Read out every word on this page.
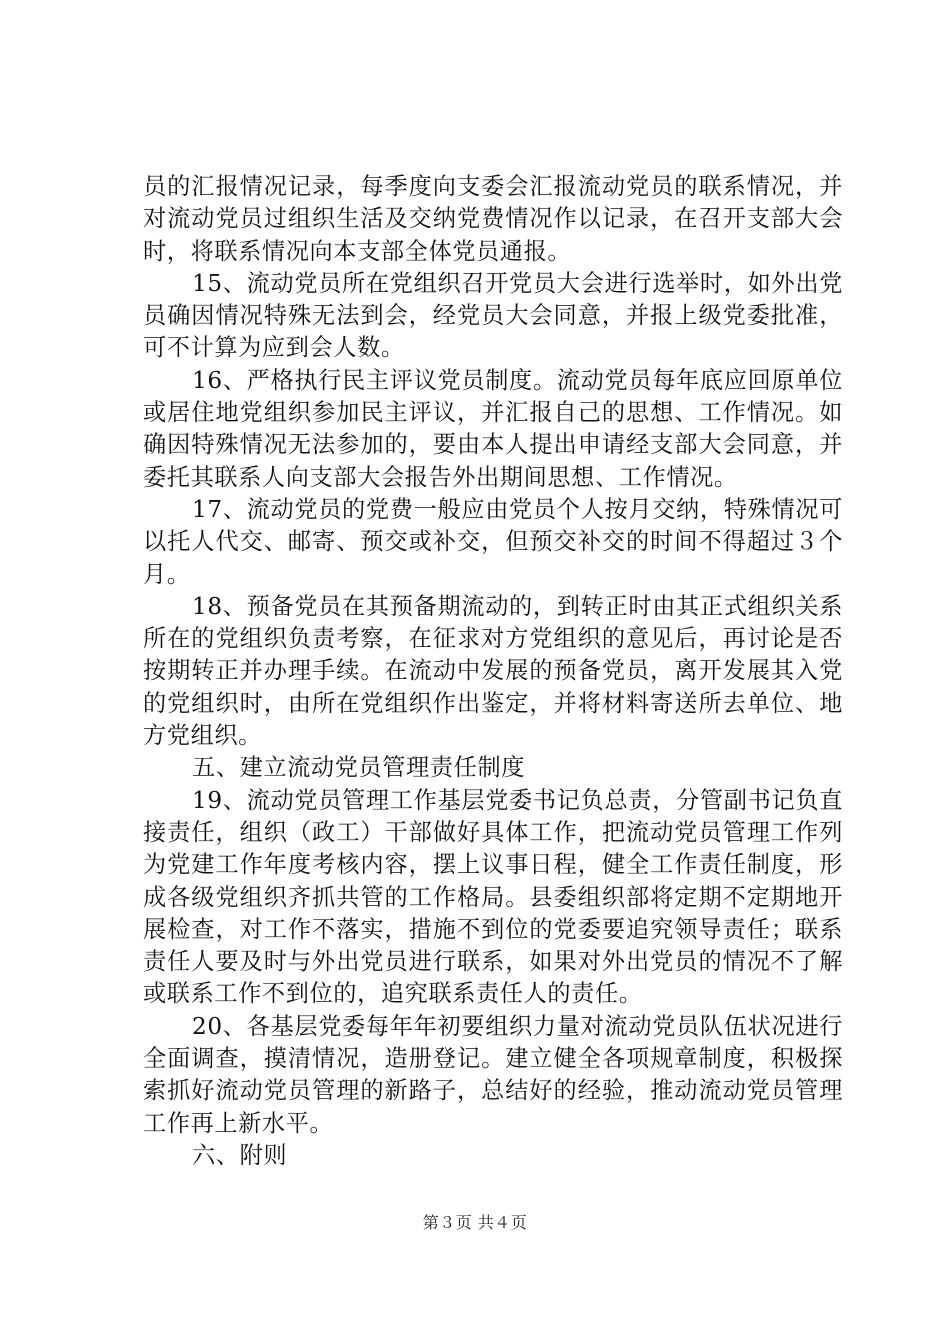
员的汇报情况记录，每季度向支委会汇报流动党员的联系情况，并对流动党员过组织生活及交纳党费情况作以记录，在召开支部大会时，将联系情况向本支部全体党员通报。

15、流动党员所在党组织召开党员大会进行选举时，如外出党员确因情况特殊无法到会，经党员大会同意，并报上级党委批准，可不计算为应到会人数。

16、严格执行民主评议党员制度。流动党员每年底应回原单位或居住地党组织参加民主评议，并汇报自己的思想、工作情况。如确因特殊情况无法参加的，要由本人提出申请经支部大会同意，并委托其联系人向支部大会报告外出期间思想、工作情况。

17、流动党员的党费一般应由党员个人按月交纳，特殊情况可以托人代交、邮寄、预交或补交，但预交补交的时间不得超过３个月。

18、预备党员在其预备期流动的，到转正时由其正式组织关系所在的党组织负责考察，在征求对方党组织的意见后，再讨论是否按期转正并办理手续。在流动中发展的预备党员，离开发展其入党的党组织时，由所在党组织作出鉴定，并将材料寄送所去单位、地方党组织。

五、建立流动党员管理责任制度

19、流动党员管理工作基层党委书记负总责，分管副书记负直接责任，组织（政工）干部做好具体工作，把流动党员管理工作列为党建工作年度考核内容，摆上议事日程，健全工作责任制度，形成各级党组织齐抓共管的工作格局。县委组织部将定期不定期地开展检查，对工作不落实，措施不到位的党委要追究领导责任；联系责任人要及时与外出党员进行联系，如果对外出党员的情况不了解或联系工作不到位的，追究联系责任人的责任。

20、各基层党委每年年初要组织力量对流动党员队伍状况进行全面调查，摸清情况，造册登记。建立健全各项规章制度，积极探索抓好流动党员管理的新路子，总结好的经验，推动流动党员管理工作再上新水平。

六、附则

第３页 共４页
